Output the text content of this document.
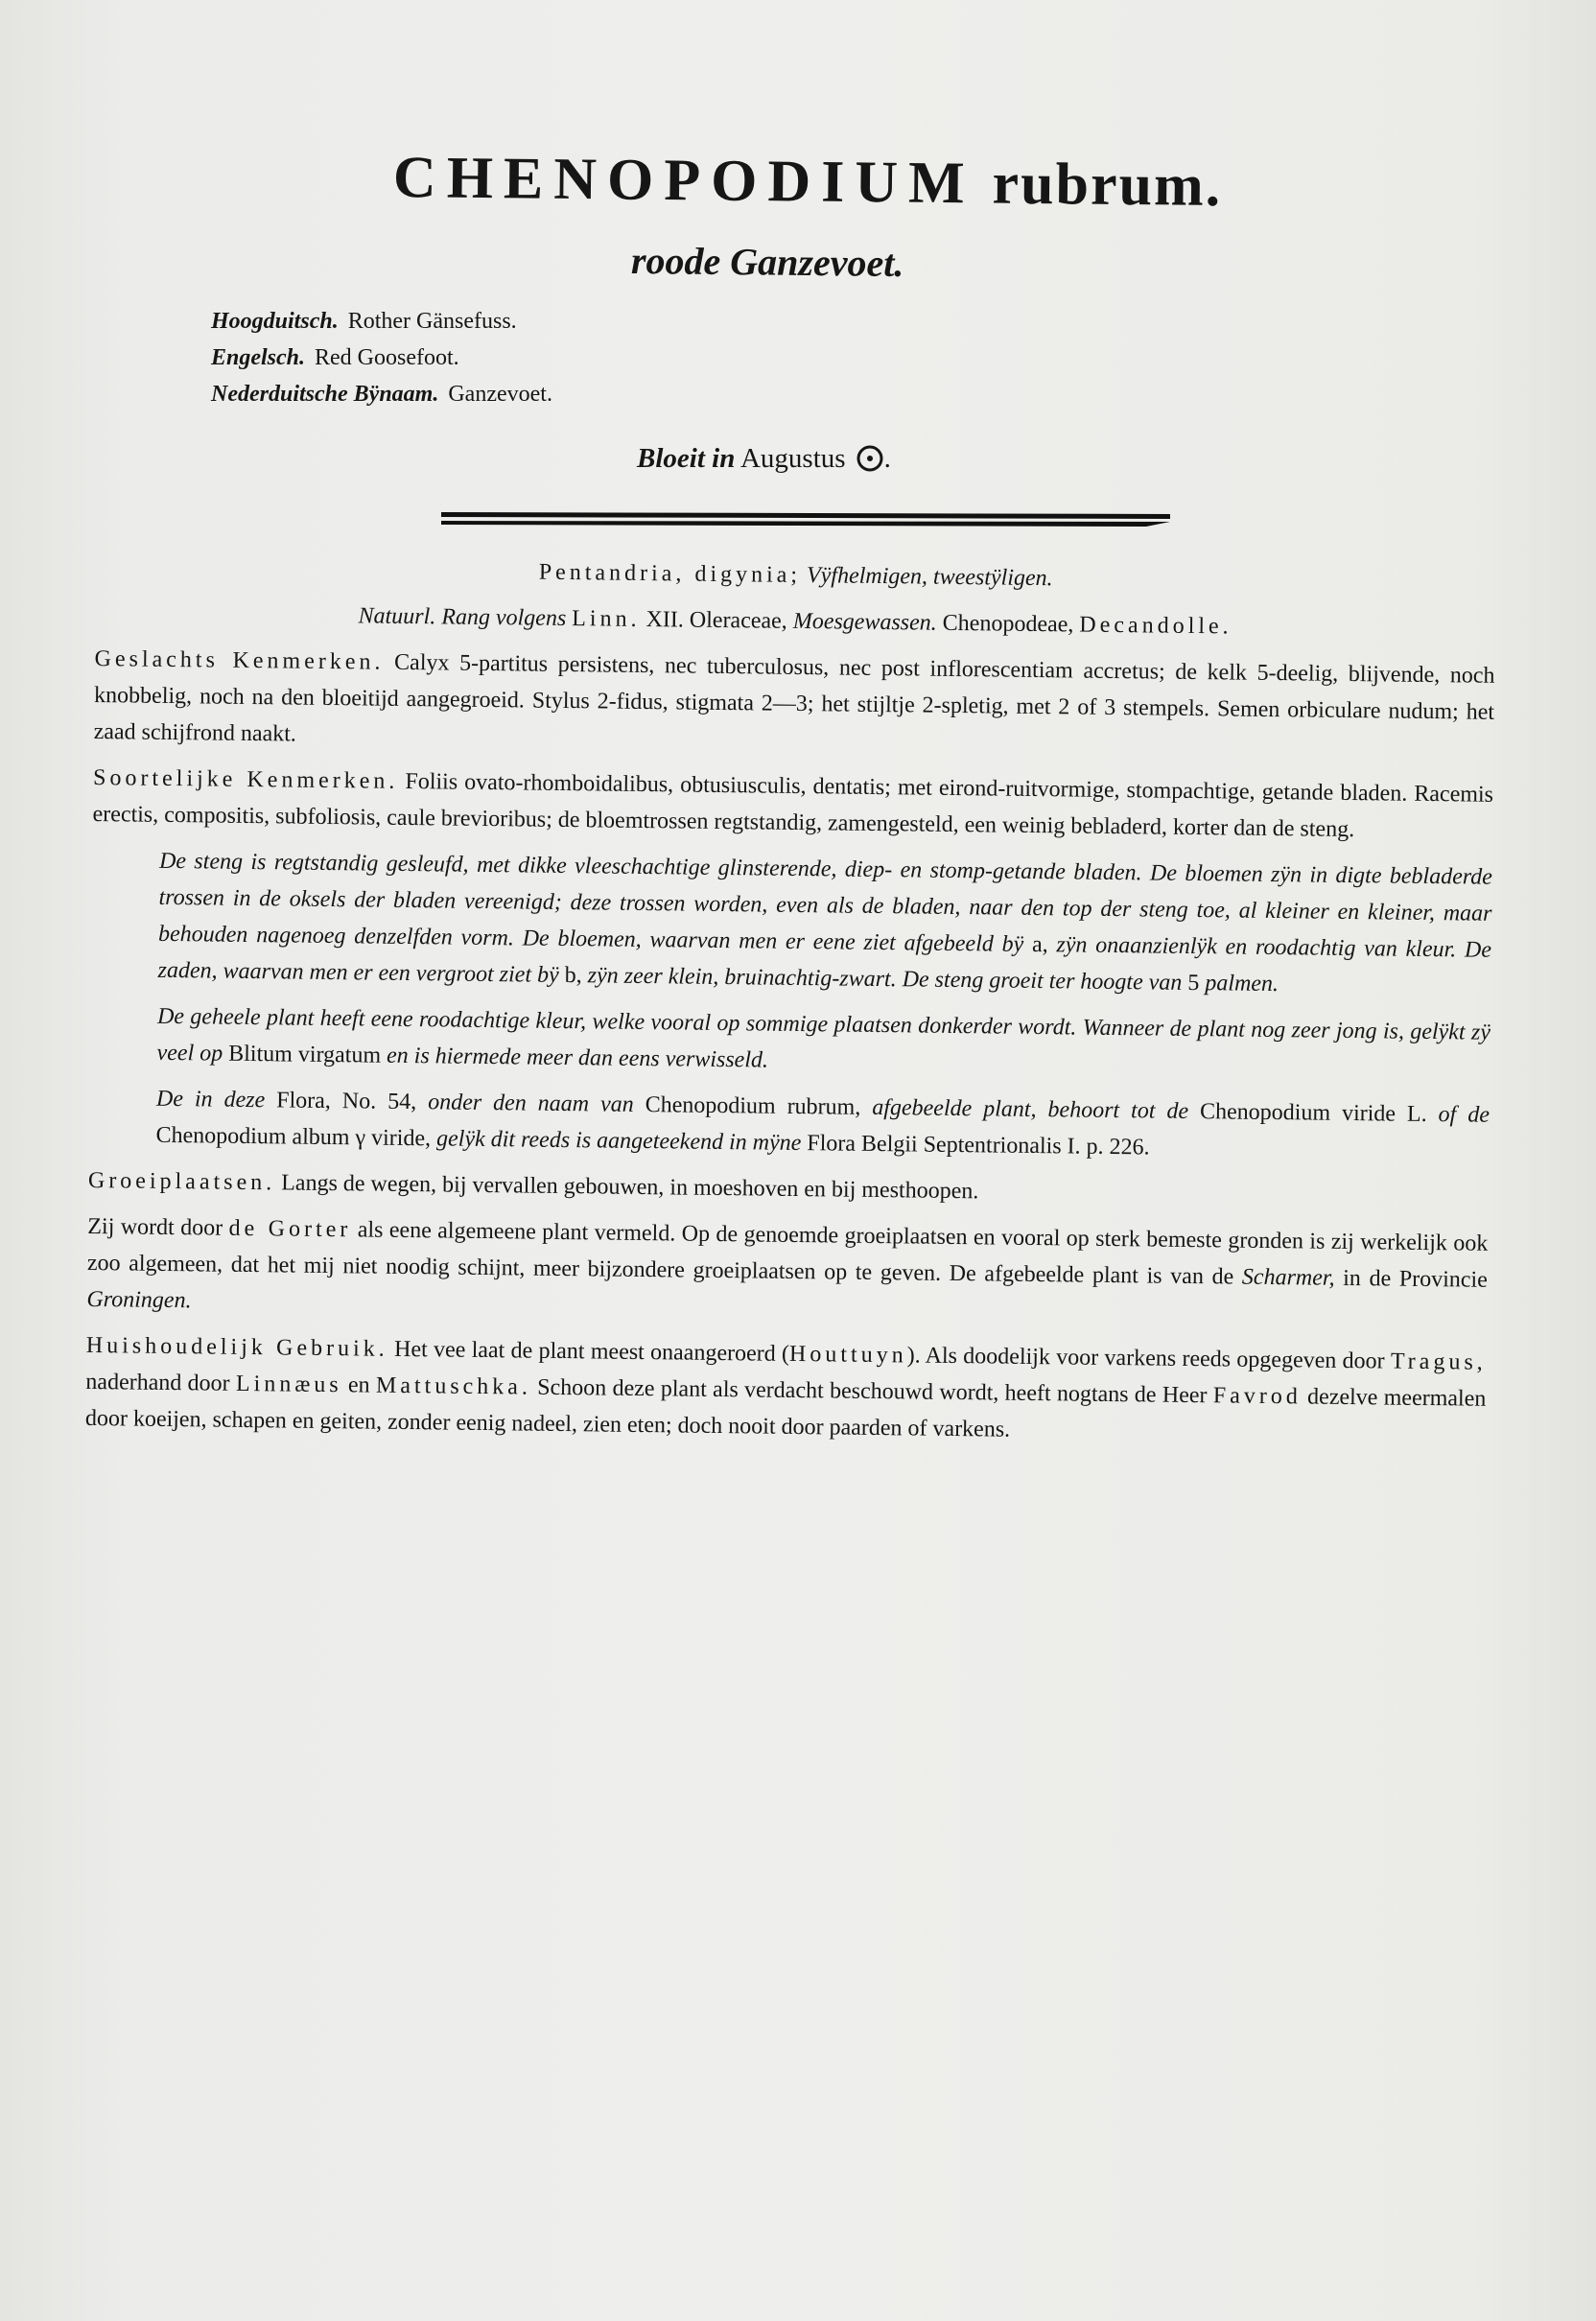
CHENOPODIUM rubrum.
roode Ganzevoet.
Hoogduitsch. Rother Gänsefuss.
Engelsch. Red Goosefoot.
Nederduitsche Bÿnaam. Ganzevoet.
Bloeit in Augustus .

Pentandria, digynia; Vÿfhelmigen, tweestÿligen.

Natuurl. Rang volgens Linn. XII. Oleraceae, Moesgewassen. Chenopodeae, Decandolle.

Geslachts Kenmerken. Calyx 5-partitus persistens, nec tuberculosus, nec post inflorescentiam accretus; de kelk 5-deelig, blijvende, noch knobbelig, noch na den bloeitijd aangegroeid. Stylus 2-fidus, stigmata 2—3; het stijltje 2-spletig, met 2 of 3 stempels. Semen orbiculare nudum; het zaad schijfrond naakt.

Soortelijke Kenmerken. Foliis ovato-rhomboidalibus, obtusiusculis, dentatis; met eirond-ruitvormige, stompachtige, getande bladen. Racemis erectis, compositis, subfoliosis, caule brevioribus; de bloemtrossen regtstandig, zamengesteld, een weinig bebladerd, korter dan de steng.

De steng is regtstandig gesleufd, met dikke vleeschachtige glinsterende, diep- en stomp-getande bladen. De bloemen zÿn in digte bebladerde trossen in de oksels der bladen vereenigd; deze trossen worden, even als de bladen, naar den top der steng toe, al kleiner en kleiner, maar behouden nagenoeg denzelfden vorm. De bloemen, waarvan men er eene ziet afgebeeld bÿ a, zÿn onaanzienlÿk en roodachtig van kleur. De zaden, waarvan men er een vergroot ziet bÿ b, zÿn zeer klein, bruinachtig-zwart. De steng groeit ter hoogte van 5 palmen.

De geheele plant heeft eene roodachtige kleur, welke vooral op sommige plaatsen donkerder wordt. Wanneer de plant nog zeer jong is, gelÿkt zÿ veel op Blitum virgatum en is hiermede meer dan eens verwisseld.

De in deze Flora, No. 54, onder den naam van Chenopodium rubrum, afgebeelde plant, behoort tot de Chenopodium viride L. of de Chenopodium album γ viride, gelÿk dit reeds is aangeteekend in mÿne Flora Belgii Septentrionalis I. p. 226.

Groeiplaatsen. Langs de wegen, bij vervallen gebouwen, in moeshoven en bij mesthoopen.

Zij wordt door de Gorter als eene algemeene plant vermeld. Op de genoemde groeiplaatsen en vooral op sterk bemeste gronden is zij werkelijk ook zoo algemeen, dat het mij niet noodig schijnt, meer bijzondere groeiplaatsen op te geven. De afgebeelde plant is van de Scharmer, in de Provincie Groningen.

Huishoudelijk Gebruik. Het vee laat de plant meest onaangeroerd (Houttuyn). Als doodelijk voor varkens reeds opgegeven door Tragus, naderhand door Linnæus en Mattuschka. Schoon deze plant als verdacht beschouwd wordt, heeft nogtans de Heer Favrod dezelve meermalen door koeijen, schapen en geiten, zonder eenig nadeel, zien eten; doch nooit door paarden of varkens.
